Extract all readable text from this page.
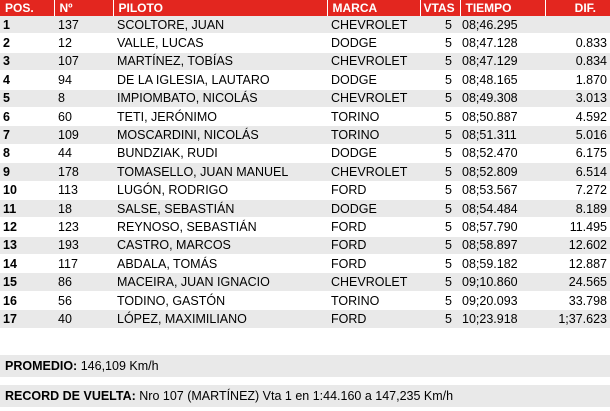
POS.	Nº	PILOTO	MARCA	VTAS	TIEMPO	DIF.
1	137	SCOLTORE, JUAN	CHEVROLET	5	08;46.295	
2	12	VALLE, LUCAS	DODGE	5	08;47.128	0.833
3	107	MARTÍNEZ, TOBÍAS	CHEVROLET	5	08;47.129	0.834
4	94	DE LA IGLESIA, LAUTARO	DODGE	5	08;48.165	1.870
5	8	IMPIOMBATO, NICOLÁS	CHEVROLET	5	08;49.308	3.013
6	60	TETI, JERÓNIMO	TORINO	5	08;50.887	4.592
7	109	MOSCARDINI, NICOLÁS	TORINO	5	08;51.311	5.016
8	44	BUNDZIAK, RUDI	DODGE	5	08;52.470	6.175
9	178	TOMASELLO, JUAN MANUEL	CHEVROLET	5	08;52.809	6.514
10	113	LUGÓN, RODRIGO	FORD	5	08;53.567	7.272
11	18	SALSE, SEBASTIÁN	DODGE	5	08;54.484	8.189
12	123	REYNOSO, SEBASTIÁN	FORD	5	08;57.790	11.495
13	193	CASTRO, MARCOS	FORD	5	08;58.897	12.602
14	117	ABDALA, TOMÁS	FORD	5	08;59.182	12.887
15	86	MACEIRA, JUAN IGNACIO	CHEVROLET	5	09;10.860	24.565
16	56	TODINO, GASTÓN	TORINO	5	09;20.093	33.798
17	40	LÓPEZ, MAXIMILIANO	FORD	5	10;23.918	1;37.623
PROMEDIO: 146,109 Km/h
RECORD DE VUELTA: Nro 107 (MARTÍNEZ) Vta 1 en 1:44.160 a 147,235 Km/h
